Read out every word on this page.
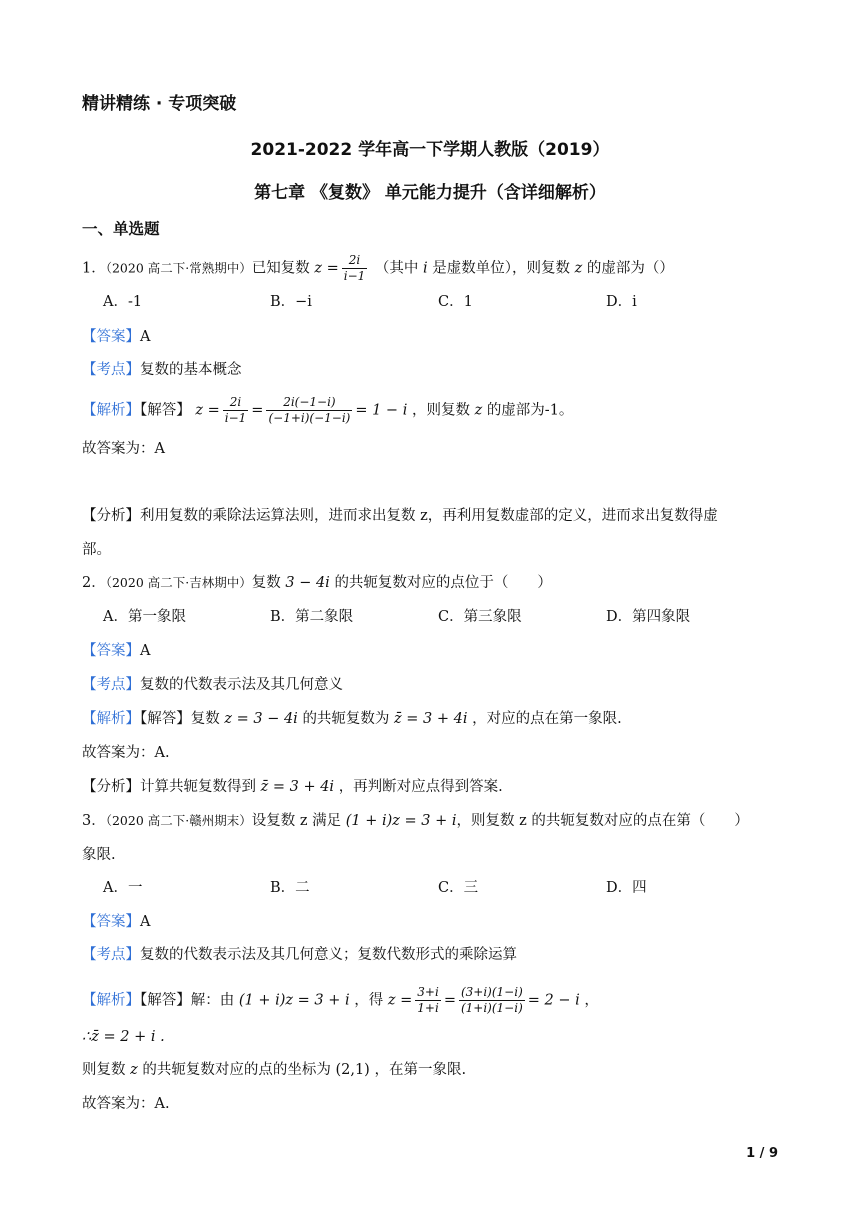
精讲精练 · 专项突破
2021-2022 学年高一下学期人教版（2019）
第七章 《复数》 单元能力提升（含详细解析）
一、单选题
1．（2020 高二下·常熟期中）已知复数 $z = \frac{2i}{i-1}$ （其中 i 是虚数单位），则复数 z 的虚部为（）
A．-1	B．−i	C．1	D．i
【答案】A
【考点】复数的基本概念
【解析】【解答】 $z = \frac{2i}{i-1} = \frac{2i(-1-i)}{(-1+i)(-1-i)} = 1 - i$ ，则复数 z 的虚部为-1。
故答案为：A
【分析】利用复数的乘除法运算法则，进而求出复数 z，再利用复数虚部的定义，进而求出复数得虚
部。
2．（2020 高二下·吉林期中）复数 3 − 4i 的共轭复数对应的点位于（　　）
A．第一象限	B．第二象限	C．第三象限	D．第四象限
【答案】A
【考点】复数的代数表示法及其几何意义
【解析】【解答】复数 z = 3 − 4i 的共轭复数为 z̄ = 3 + 4i ，对应的点在第一象限.
故答案为：A.
【分析】计算共轭复数得到 z̄ = 3 + 4i ，再判断对应点得到答案.
3．（2020 高二下·赣州期末）设复数 z 满足 (1 + i)z = 3 + i，则复数 z 的共轭复数对应的点在第（　　）
象限.
A．一	B．二	C．三	D．四
【答案】A
【考点】复数的代数表示法及其几何意义；复数代数形式的乘除运算
【解析】【解答】解：由 (1 + i)z = 3 + i ，得 $z = \frac{3+i}{1+i} = \frac{(3+i)(1-i)}{(1+i)(1-i)} = 2 - i$ ，
∴z̄ = 2 + i .
则复数 z 的共轭复数对应的点的坐标为 (2,1) ，在第一象限.
故答案为：A.
1 / 9
